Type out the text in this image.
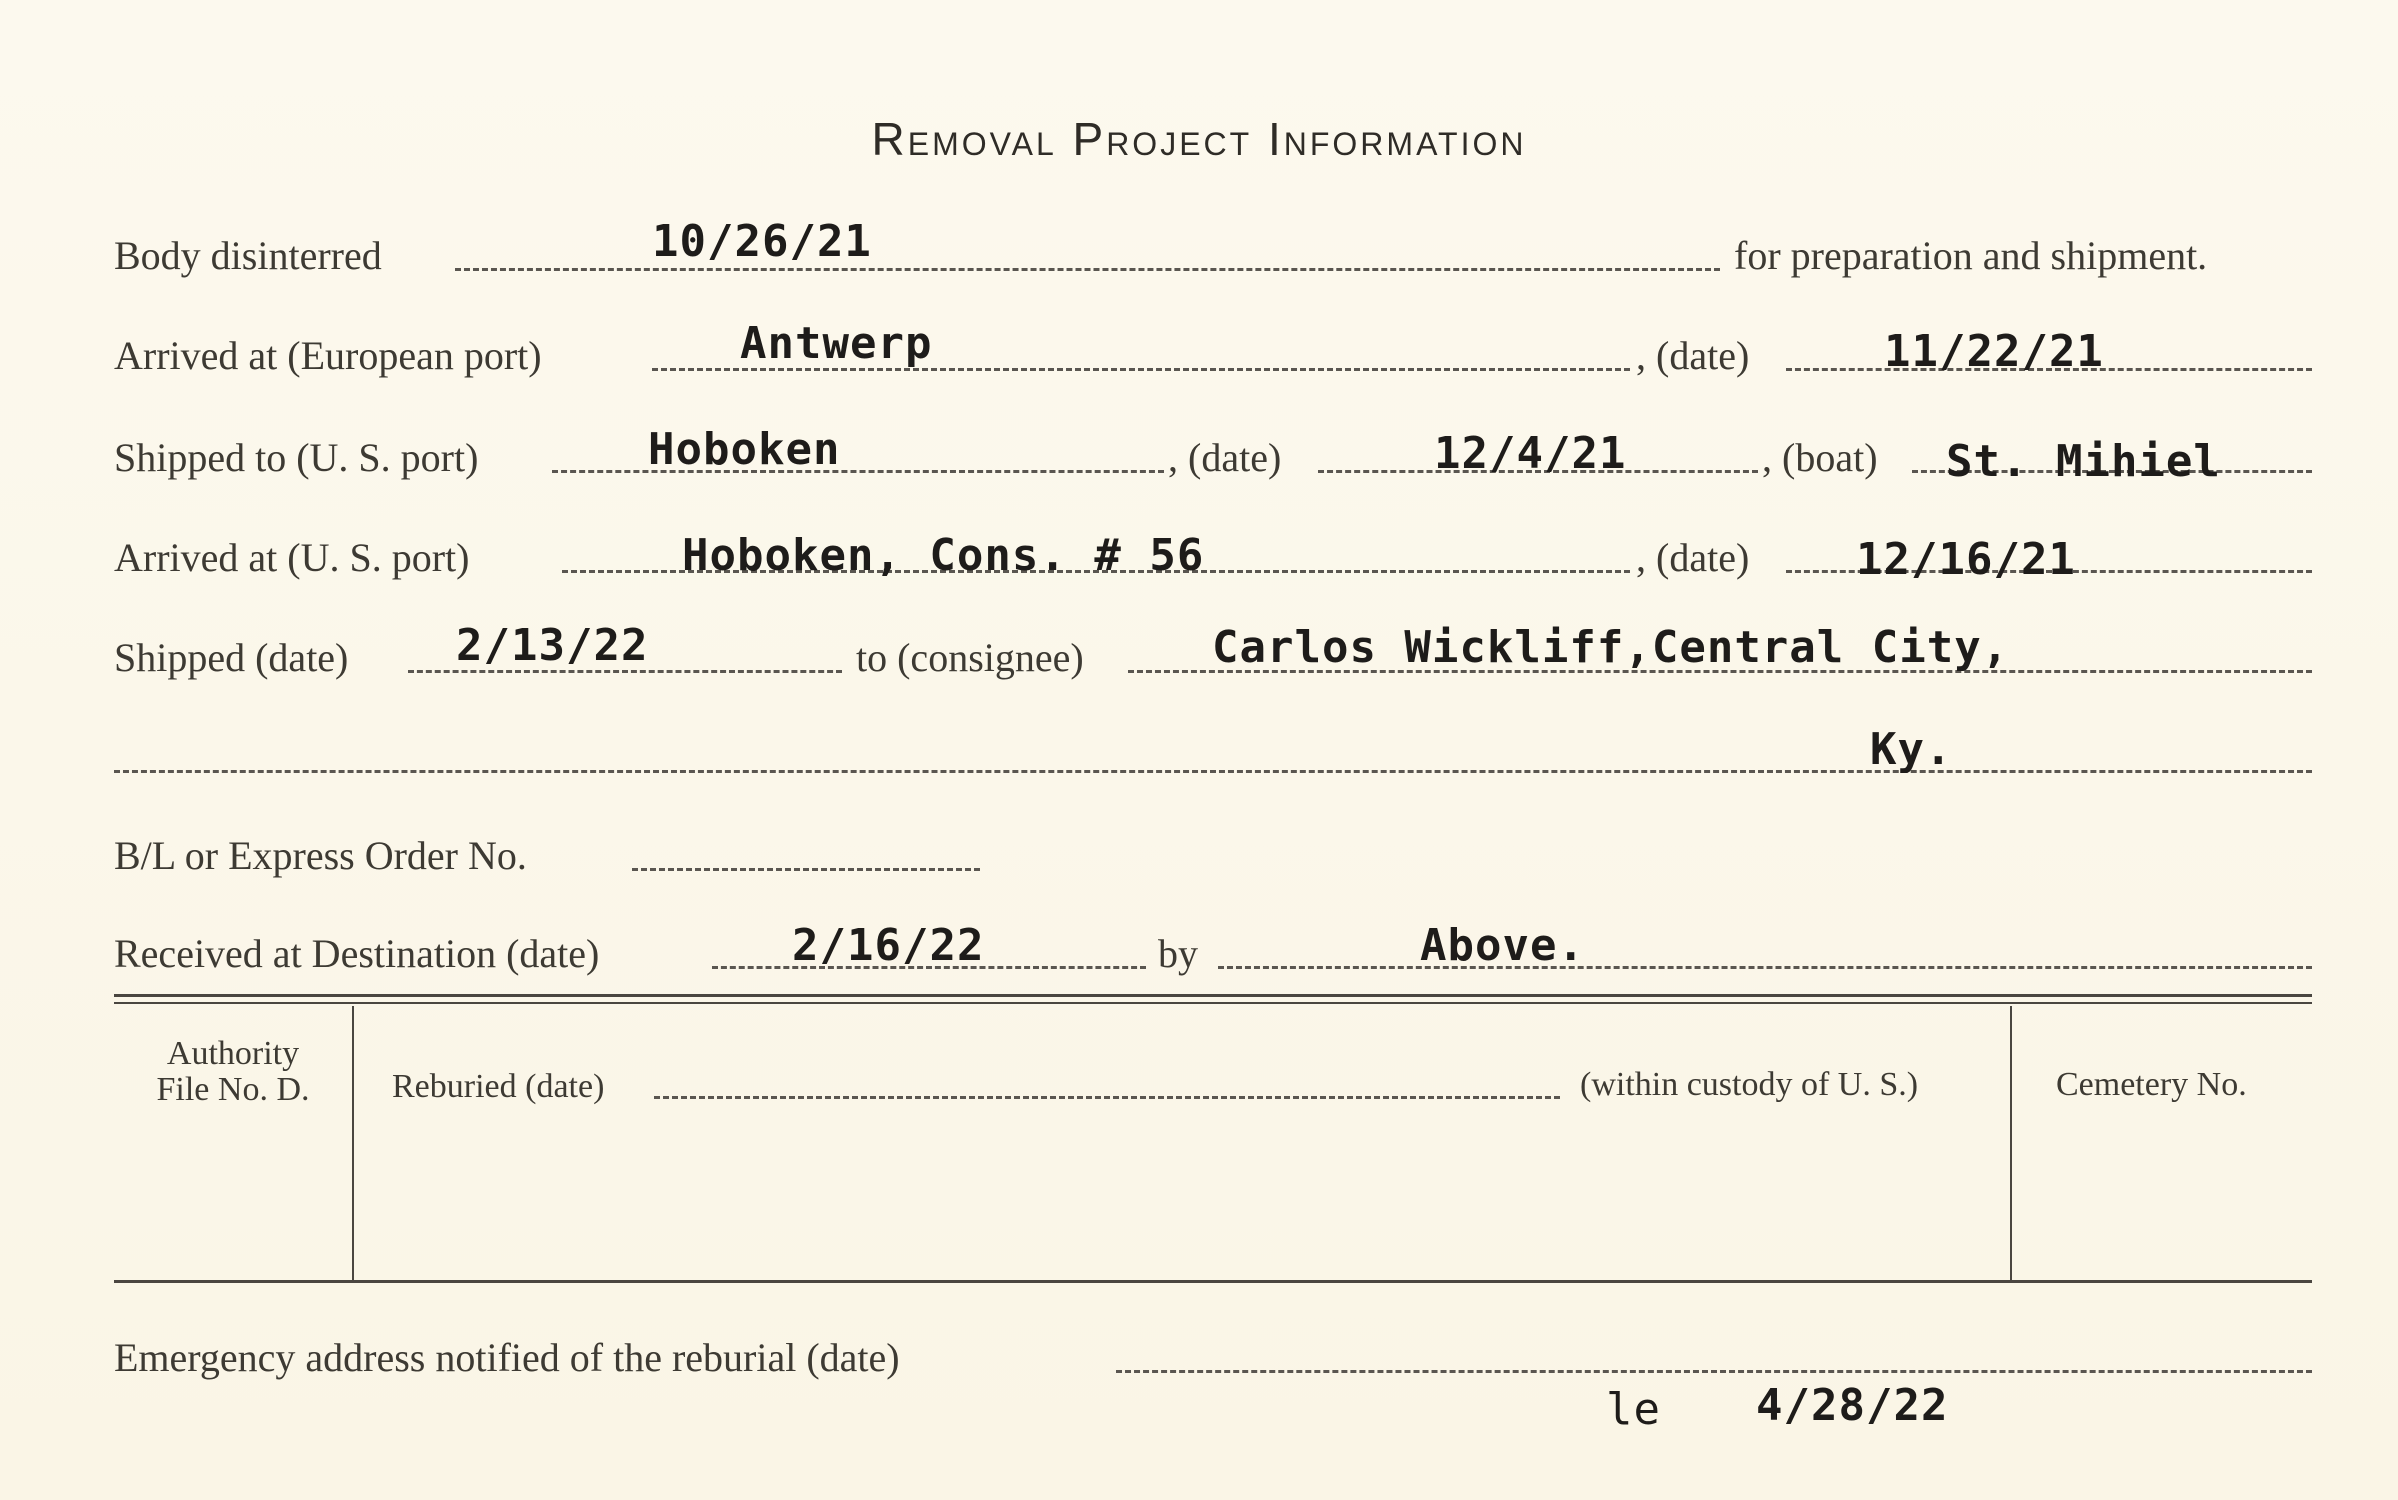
Removal Project Information
Body disinterred	10/26/21	for preparation and shipment.
Arrived at (European port)	Antwerp	, (date)	11/22/21
Shipped to (U. S. port)	Hoboken	, (date)	12/4/21	, (boat) St. Mihiel
Arrived at (U. S. port)	Hoboken, Cons. # 56	, (date) 12/16/21
Shipped (date) 2/13/22	to (consignee)	Carlos Wickliff,Central City,
Ky.
B/L or Express Order No.
Received at Destination (date)	2/16/22	by	Above.
Authority
File No. D.	Reburied (date)	(within custody of U. S.)	Cemetery No.
Emergency address notified of the reburial (date)
le 4/28/22
